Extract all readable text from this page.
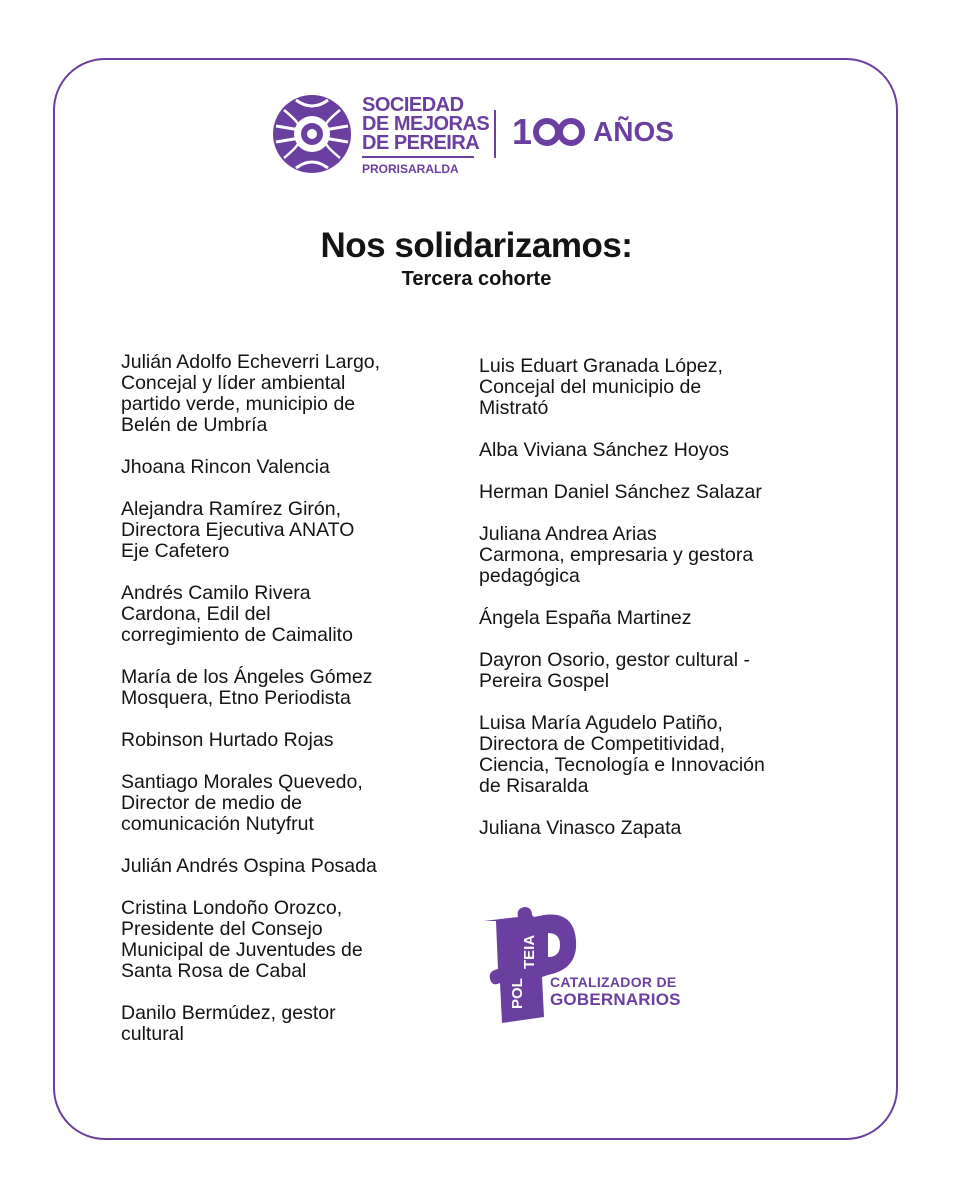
SOCIEDAD
DE MEJORAS
DE PEREIRA
PRORISARALDA
1 AÑOS
Nos solidarizamos:
Tercera cohorte
Julián Adolfo Echeverri Largo,
Concejal y líder ambiental
partido verde, municipio de
Belén de Umbría
Jhoana Rincon Valencia
Alejandra Ramírez Girón,
Directora Ejecutiva ANATO
Eje Cafetero
Andrés Camilo Rivera
Cardona, Edil del
corregimiento de Caimalito
María de los Ángeles Gómez
Mosquera, Etno Periodista
Robinson Hurtado Rojas
Santiago Morales Quevedo,
Director de medio de
comunicación Nutyfrut
Julián Andrés Ospina Posada
Cristina Londoño Orozco,
Presidente del Consejo
Municipal de Juventudes de
Santa Rosa de Cabal
Danilo Bermúdez, gestor
cultural
Luis Eduart Granada López,
Concejal del municipio de
Mistrató
Alba Viviana Sánchez Hoyos
Herman Daniel Sánchez Salazar
Juliana Andrea Arias
Carmona, empresaria y gestora
pedagógica
Ángela España Martinez
Dayron Osorio, gestor cultural -
Pereira Gospel
Luisa María Agudelo Patiño,
Directora de Competitividad,
Ciencia, Tecnología e Innovación
de Risaralda
Juliana Vinasco Zapata
POL
TEIA
CATALIZADOR DE
GOBERNARIOS
